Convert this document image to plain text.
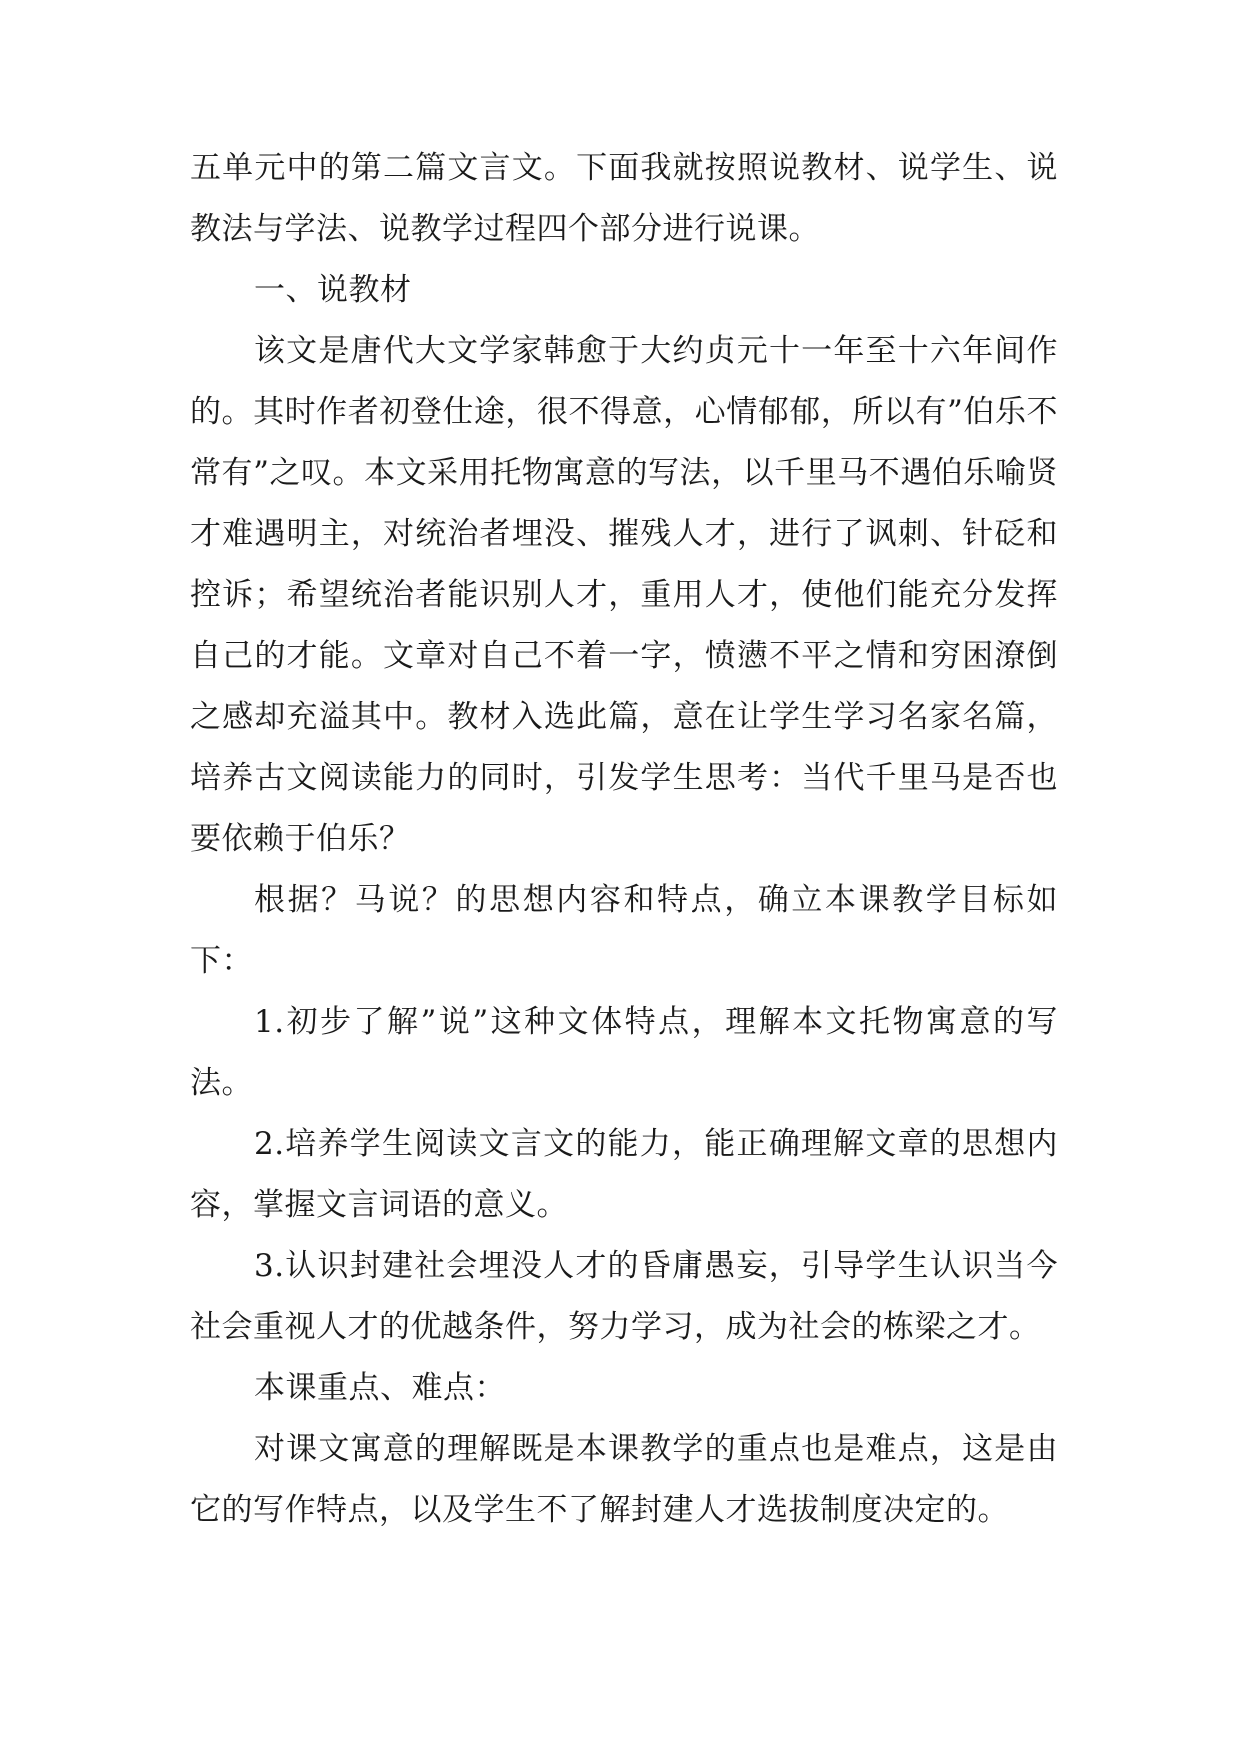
五单元中的第二篇文言文。下面我就按照说教材、说学生、说教法与学法、说教学过程四个部分进行说课。

一、说教材

该文是唐代大文学家韩愈于大约贞元十一年至十六年间作的。其时作者初登仕途，很不得意，心情郁郁，所以有”伯乐不常有”之叹。本文采用托物寓意的写法，以千里马不遇伯乐喻贤才难遇明主，对统治者埋没、摧残人才，进行了讽刺、针砭和控诉；希望统治者能识别人才，重用人才，使他们能充分发挥自己的才能。文章对自己不着一字，愤懑不平之情和穷困潦倒之感却充溢其中。教材入选此篇，意在让学生学习名家名篇，培养古文阅读能力的同时，引发学生思考：当代千里马是否也要依赖于伯乐？

根据？马说？的思想内容和特点，确立本课教学目标如下：

1.初步了解”说”这种文体特点，理解本文托物寓意的写法。

2.培养学生阅读文言文的能力，能正确理解文章的思想内容，掌握文言词语的意义。

3.认识封建社会埋没人才的昏庸愚妄，引导学生认识当今社会重视人才的优越条件，努力学习，成为社会的栋梁之才。

本课重点、难点：

对课文寓意的理解既是本课教学的重点也是难点，这是由它的写作特点，以及学生不了解封建人才选拔制度决定的。
